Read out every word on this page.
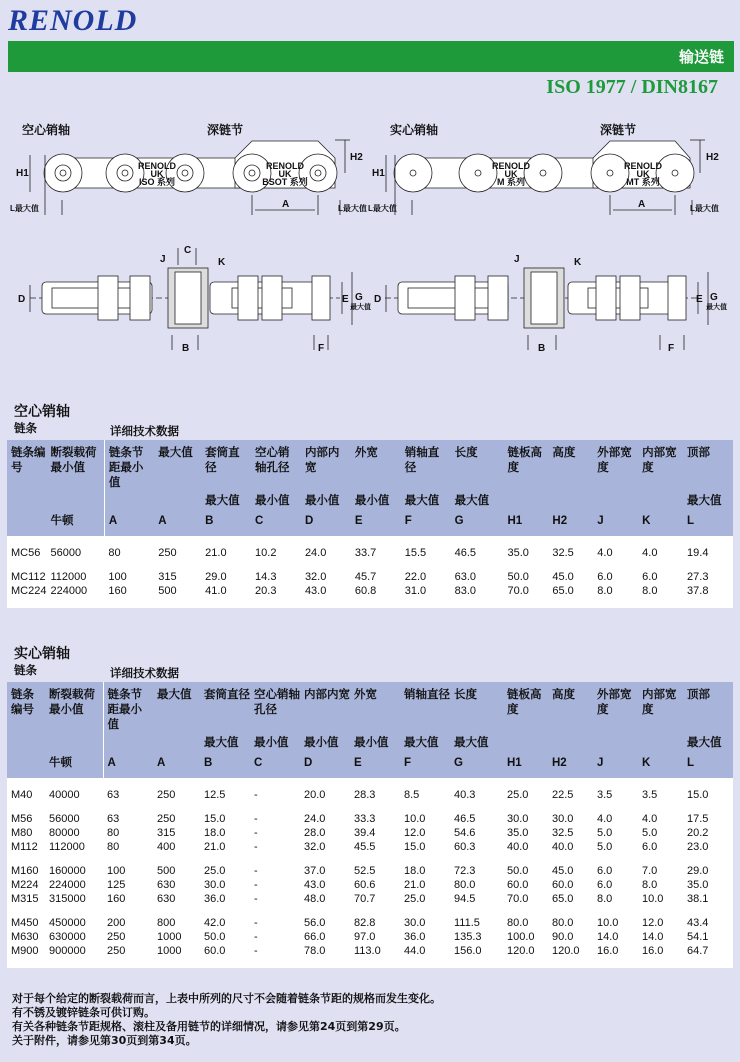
RENOLD
输送链
ISO 1977 / DIN8167
空心销轴	深链节	实心销轴	深链节
RENOLD
UK
ISO 系列
RENOLD
UK
BSOT 系列
RENOLD
UK
M 系列
RENOLD
UK
MT 系列
H1
H2
A
L最大值	L最大值
H1
H2
A
L最大值	L最大值
C
J	K
D	E G
最大值
B	F
J	K
D	E G
最大值
B	F
空心销轴
链条	详细技术数据
链条编号	断裂载荷最小值	链条节距最小值	最大值	套筒直径	空心销轴孔径	内部内宽	外宽	销轴直径	长度	链板高度	高度	外部宽度	内部宽度	顶部
				最大值	最小值	最小值	最小值	最大值	最大值					最大值
	牛顿	A	A	B	C	D	E	F	G	H1	H2	J	K	L

MC56	56000	80	250	21.0	10.2	24.0	33.7	15.5	46.5	35.0	32.5	4.0	4.0	19.4

MC112	112000	100	315	29.0	14.3	32.0	45.7	22.0	63.0	50.0	45.0	6.0	6.0	27.3
MC224	224000	160	500	41.0	20.3	43.0	60.8	31.0	83.0	70.0	65.0	8.0	8.0	37.8

实心销轴
链条	详细技术数据
链条编号	断裂载荷最小值	链条节距最小值	最大值	套筒直径	空心销轴孔径	内部内宽	外宽	销轴直径	长度	链板高度	高度	外部宽度	内部宽度	顶部
				最大值	最小值	最小值	最小值	最大值	最大值					最大值
	牛顿	A	A	B	C	D	E	F	G	H1	H2	J	K	L

M40	40000	63	250	12.5	-	20.0	28.3	8.5	40.3	25.0	22.5	3.5	3.5	15.0

M56	56000	63	250	15.0	-	24.0	33.3	10.0	46.5	30.0	30.0	4.0	4.0	17.5
M80	80000	80	315	18.0	-	28.0	39.4	12.0	54.6	35.0	32.5	5.0	5.0	20.2
M112	112000	80	400	21.0	-	32.0	45.5	15.0	60.3	40.0	40.0	5.0	6.0	23.0

M160	160000	100	500	25.0	-	37.0	52.5	18.0	72.3	50.0	45.0	6.0	7.0	29.0
M224	224000	125	630	30.0	-	43.0	60.6	21.0	80.0	60.0	60.0	6.0	8.0	35.0
M315	315000	160	630	36.0	-	48.0	70.7	25.0	94.5	70.0	65.0	8.0	10.0	38.1

M450	450000	200	800	42.0	-	56.0	82.8	30.0	111.5	80.0	80.0	10.0	12.0	43.4
M630	630000	250	1000	50.0	-	66.0	97.0	36.0	135.3	100.0	90.0	14.0	14.0	54.1
M900	900000	250	1000	60.0	-	78.0	113.0	44.0	156.0	120.0	120.0	16.0	16.0	64.7

对于每个给定的断裂载荷而言，上表中所列的尺寸不会随着链条节距的规格而发生变化。
有不锈及镀锌链条可供订购。
有关各种链条节距规格、滚柱及备用链节的详细情况，请参见第24页到第29页。
关于附件，请参见第30页到第34页。
